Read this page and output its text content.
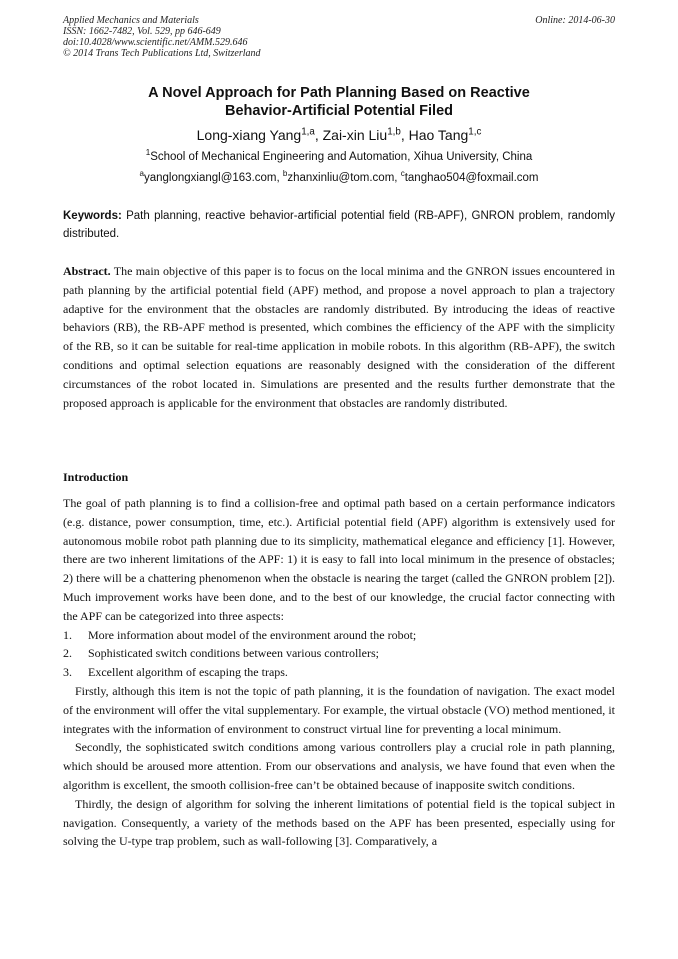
Applied Mechanics and Materials
ISSN: 1662-7482, Vol. 529, pp 646-649
doi:10.4028/www.scientific.net/AMM.529.646
© 2014 Trans Tech Publications Ltd, Switzerland
Online: 2014-06-30
A Novel Approach for Path Planning Based on Reactive
Behavior-Artificial Potential Filed
Long-xiang Yang$^{1,a}$, Zai-xin Liu$^{1,b}$, Hao Tang$^{1,c}$
$^1$School of Mechanical Engineering and Automation, Xihua University, China
$^a$yanglongxiangl@163.com, $^b$zhanxinliu@tom.com, $^c$tanghao504@foxmail.com
Keywords: Path planning, reactive behavior-artificial potential field (RB-APF), GNRON problem, randomly distributed.
Abstract. The main objective of this paper is to focus on the local minima and the GNRON issues encountered in path planning by the artificial potential field (APF) method, and propose a novel approach to plan a trajectory adaptive for the environment that the obstacles are randomly distributed. By introducing the ideas of reactive behaviors (RB), the RB-APF method is presented, which combines the efficiency of the APF with the simplicity of the RB, so it can be suitable for real-time application in mobile robots. In this algorithm (RB-APF), the switch conditions and optimal selection equations are reasonably designed with the consideration of the different circumstances of the robot located in. Simulations are presented and the results further demonstrate that the proposed approach is applicable for the environment that obstacles are randomly distributed.
Introduction

The goal of path planning is to find a collision-free and optimal path based on a certain performance indicators (e.g. distance, power consumption, time, etc.). Artificial potential field (APF) algorithm is extensively used for autonomous mobile robot path planning due to its simplicity, mathematical elegance and efficiency [1]. However, there are two inherent limitations of the APF: 1) it is easy to fall into local minimum in the presence of obstacles; 2) there will be a chattering phenomenon when the obstacle is nearing the target (called the GNRON problem [2]). Much improvement works have been done, and to the best of our knowledge, the crucial factor connecting with the APF can be categorized into three aspects:

1.	More information about model of the environment around the robot;
2.	Sophisticated switch conditions between various controllers;
3.	Excellent algorithm of escaping the traps.

Firstly, although this item is not the topic of path planning, it is the foundation of navigation. The exact model of the environment will offer the vital supplementary. For example, the virtual obstacle (VO) method mentioned, it integrates with the information of environment to construct virtual line for preventing a local minimum.

Secondly, the sophisticated switch conditions among various controllers play a crucial role in path planning, which should be aroused more attention. From our observations and analysis, we have found that even when the algorithm is excellent, the smooth collision-free can’t be obtained because of inapposite switch conditions.

Thirdly, the design of algorithm for solving the inherent limitations of potential field is the topical subject in navigation. Consequently, a variety of the methods based on the APF has been presented, especially using for solving the U-type trap problem, such as wall-following [3]. Comparatively, a
